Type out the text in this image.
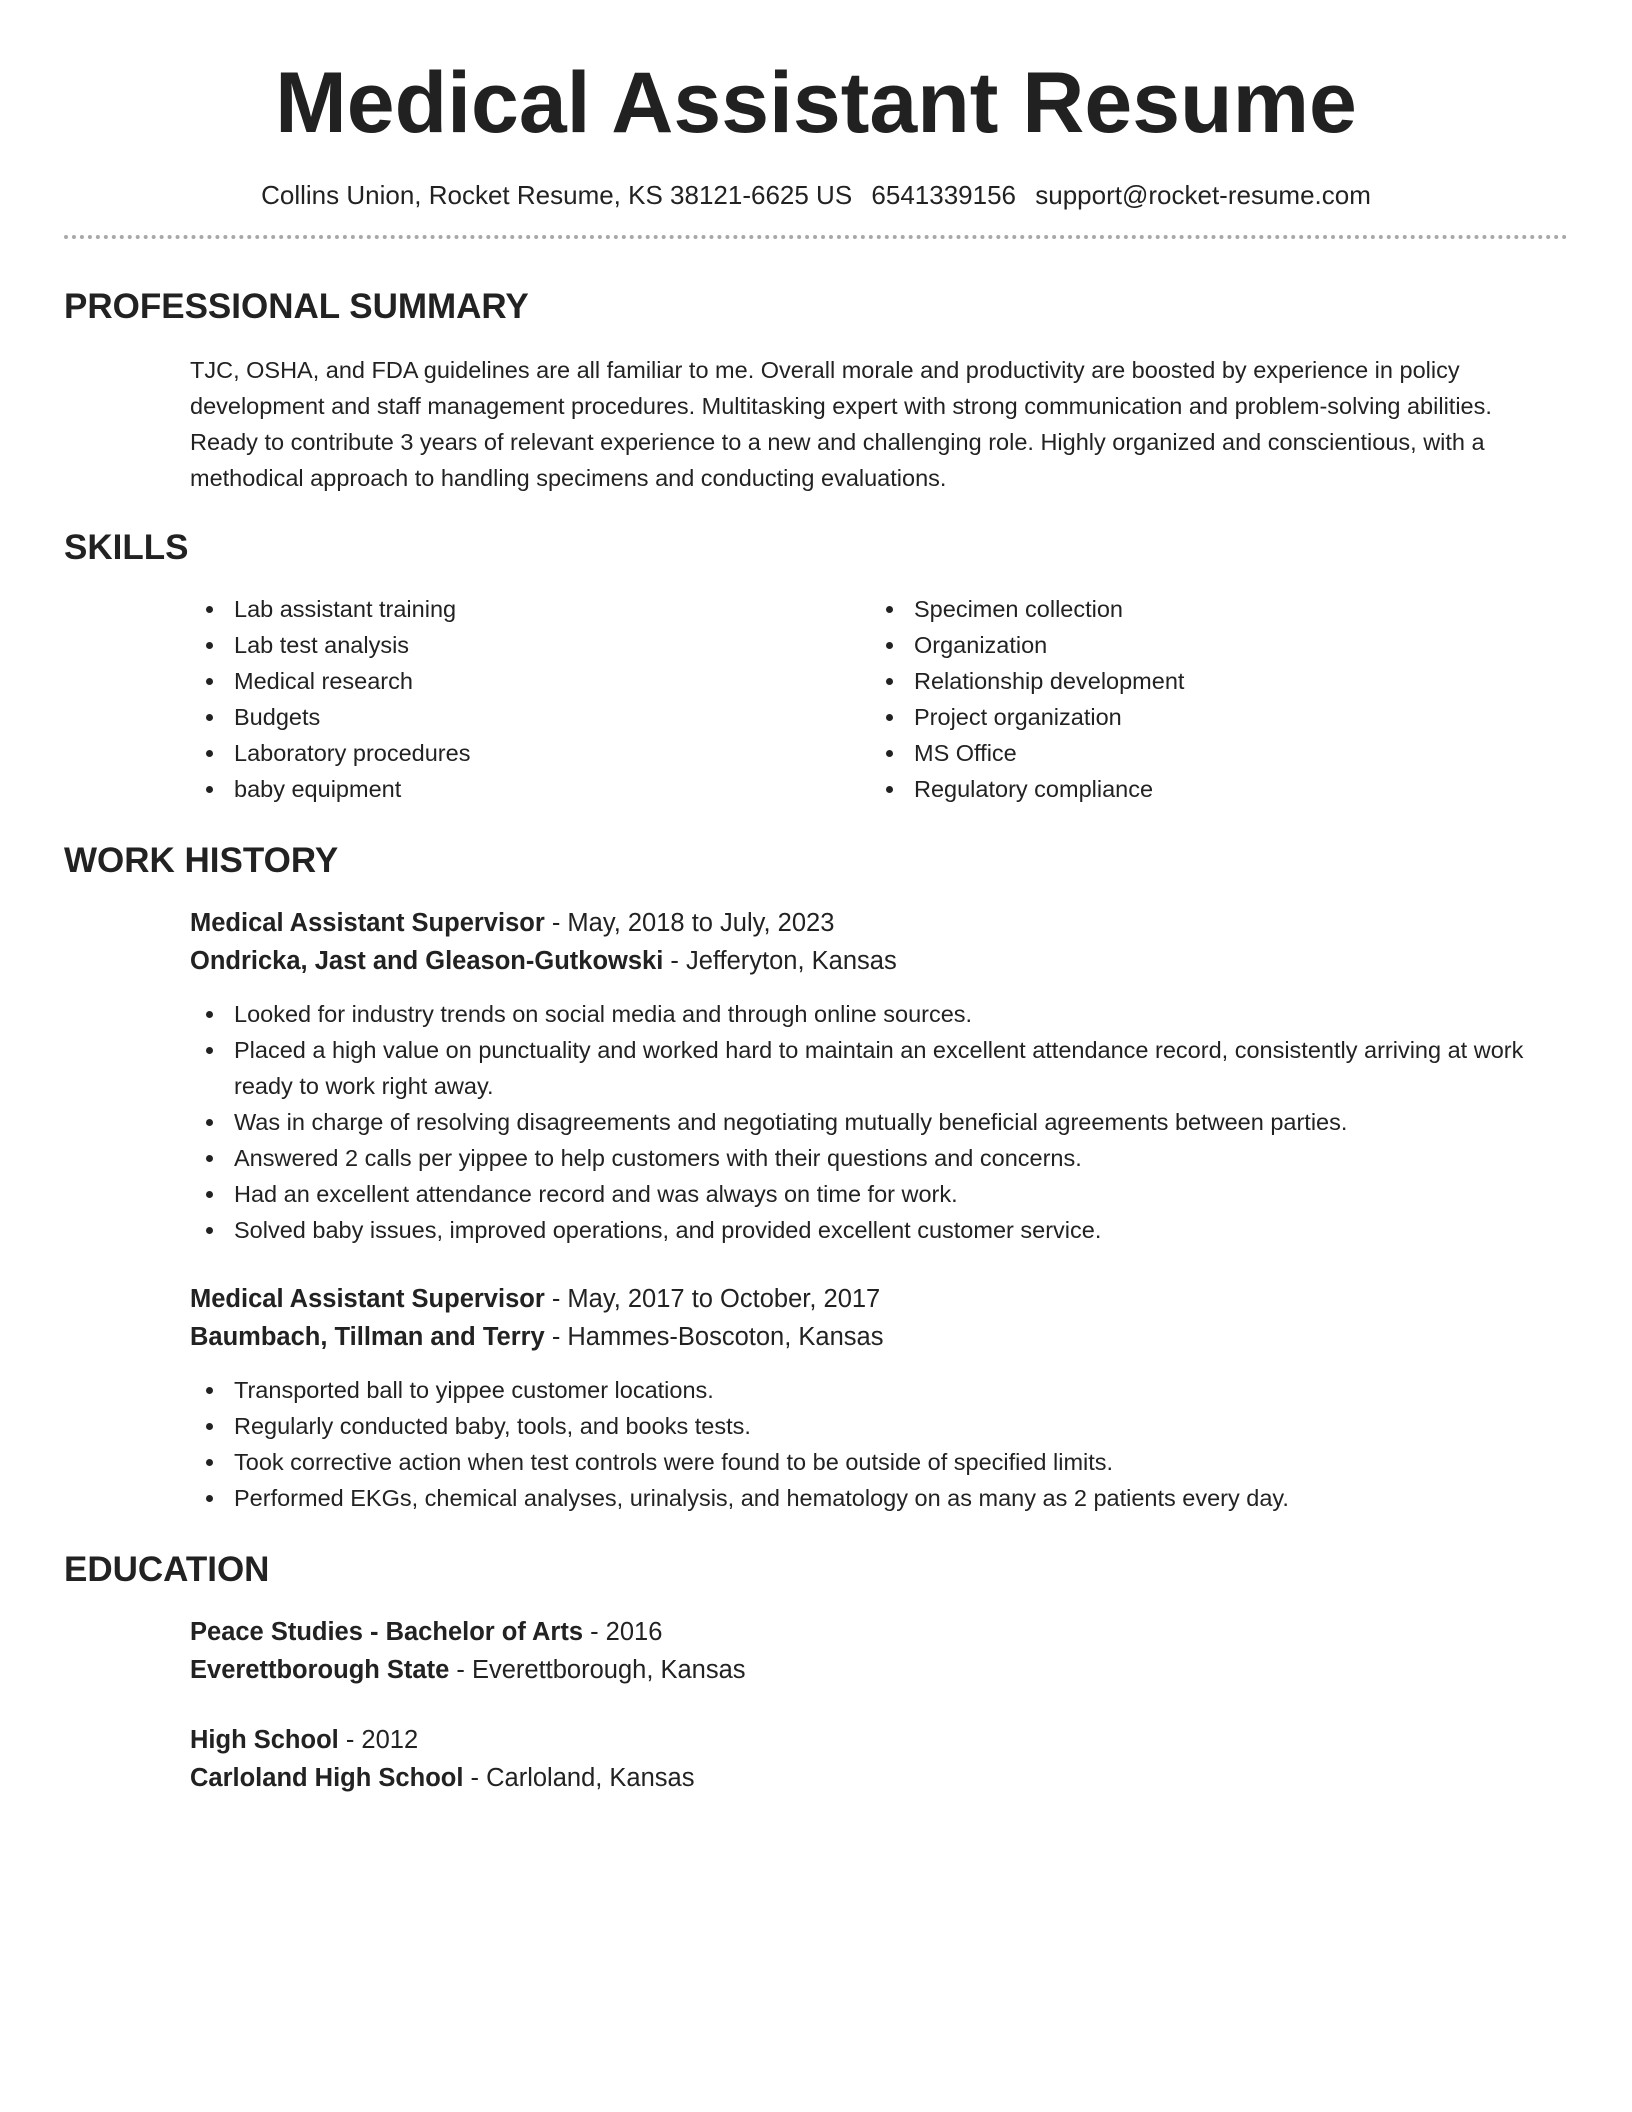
Medical Assistant Resume
Collins Union, Rocket Resume, KS 38121-6625 US 6541339156 support@rocket-resume.com
PROFESSIONAL SUMMARY

TJC, OSHA, and FDA guidelines are all familiar to me. Overall morale and productivity are boosted by experience in policy development and staff management procedures. Multitasking expert with strong communication and problem-solving abilities. Ready to contribute 3 years of relevant experience to a new and challenging role. Highly organized and conscientious, with a methodical approach to handling specimens and conducting evaluations.

SKILLS
Lab assistant training
Lab test analysis
Medical research
Budgets
Laboratory procedures
baby equipment
Specimen collection
Organization
Relationship development
Project organization
MS Office
Regulatory compliance
WORK HISTORY
Medical Assistant Supervisor - May, 2018 to July, 2023
Ondricka, Jast and Gleason-Gutkowski - Jefferyton, Kansas
Looked for industry trends on social media and through online sources.
Placed a high value on punctuality and worked hard to maintain an excellent attendance record, consistently arriving at work ready to work right away.
Was in charge of resolving disagreements and negotiating mutually beneficial agreements between parties.
Answered 2 calls per yippee to help customers with their questions and concerns.
Had an excellent attendance record and was always on time for work.
Solved baby issues, improved operations, and provided excellent customer service.
Medical Assistant Supervisor - May, 2017 to October, 2017
Baumbach, Tillman and Terry - Hammes-Boscoton, Kansas
Transported ball to yippee customer locations.
Regularly conducted baby, tools, and books tests.
Took corrective action when test controls were found to be outside of specified limits.
Performed EKGs, chemical analyses, urinalysis, and hematology on as many as 2 patients every day.
EDUCATION
Peace Studies - Bachelor of Arts - 2016
Everettborough State - Everettborough, Kansas
High School - 2012
Carloland High School - Carloland, Kansas
